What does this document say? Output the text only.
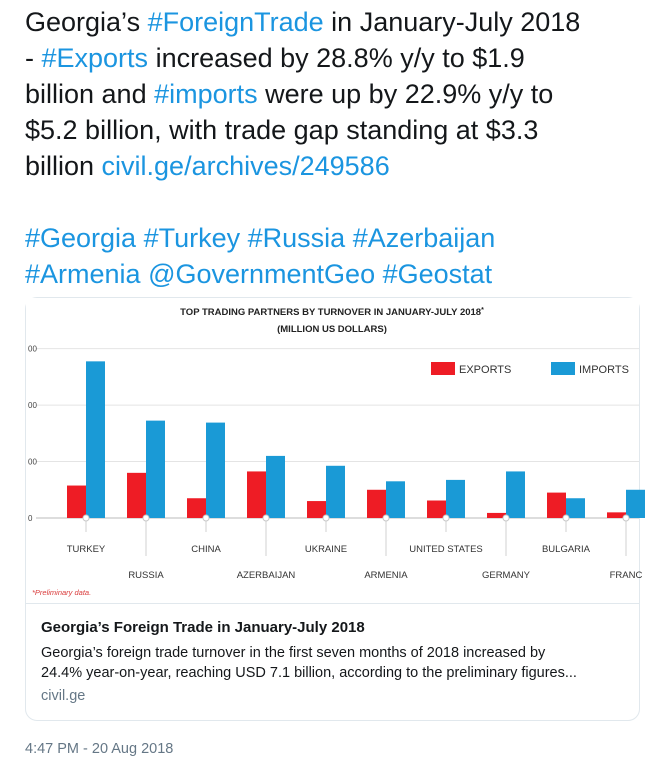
Georgia’s #ForeignTrade in January-July 2018

- #Exports increased by 28.8% y/y to $1.9

billion and #imports were up by 22.9% y/y to

$5.2 billion, with trade gap standing at $3.3

billion civil.ge/archives/249586

#Georgia #Turkey #Russia #Azerbaijan

#Armenia @GovernmentGeo #Geostat

TOP TRADING PARTNERS BY TURNOVER IN JANUARY-JULY 2018*
(MILLION US DOLLARS)
00
00
00
0
TURKEY
RUSSIA
CHINA
AZERBAIJAN
UKRAINE
ARMENIA
UNITED STATES
GERMANY
BULGARIA
FRANC
EXPORTS	IMPORTS
*Preliminary data.
Georgia’s Foreign Trade in January-July 2018
Georgia’s foreign trade turnover in the first seven months of 2018 increased by
24.4% year-on-year, reaching USD 7.1 billion, according to the preliminary figures...
civil.ge
4:47 PM - 20 Aug 2018
